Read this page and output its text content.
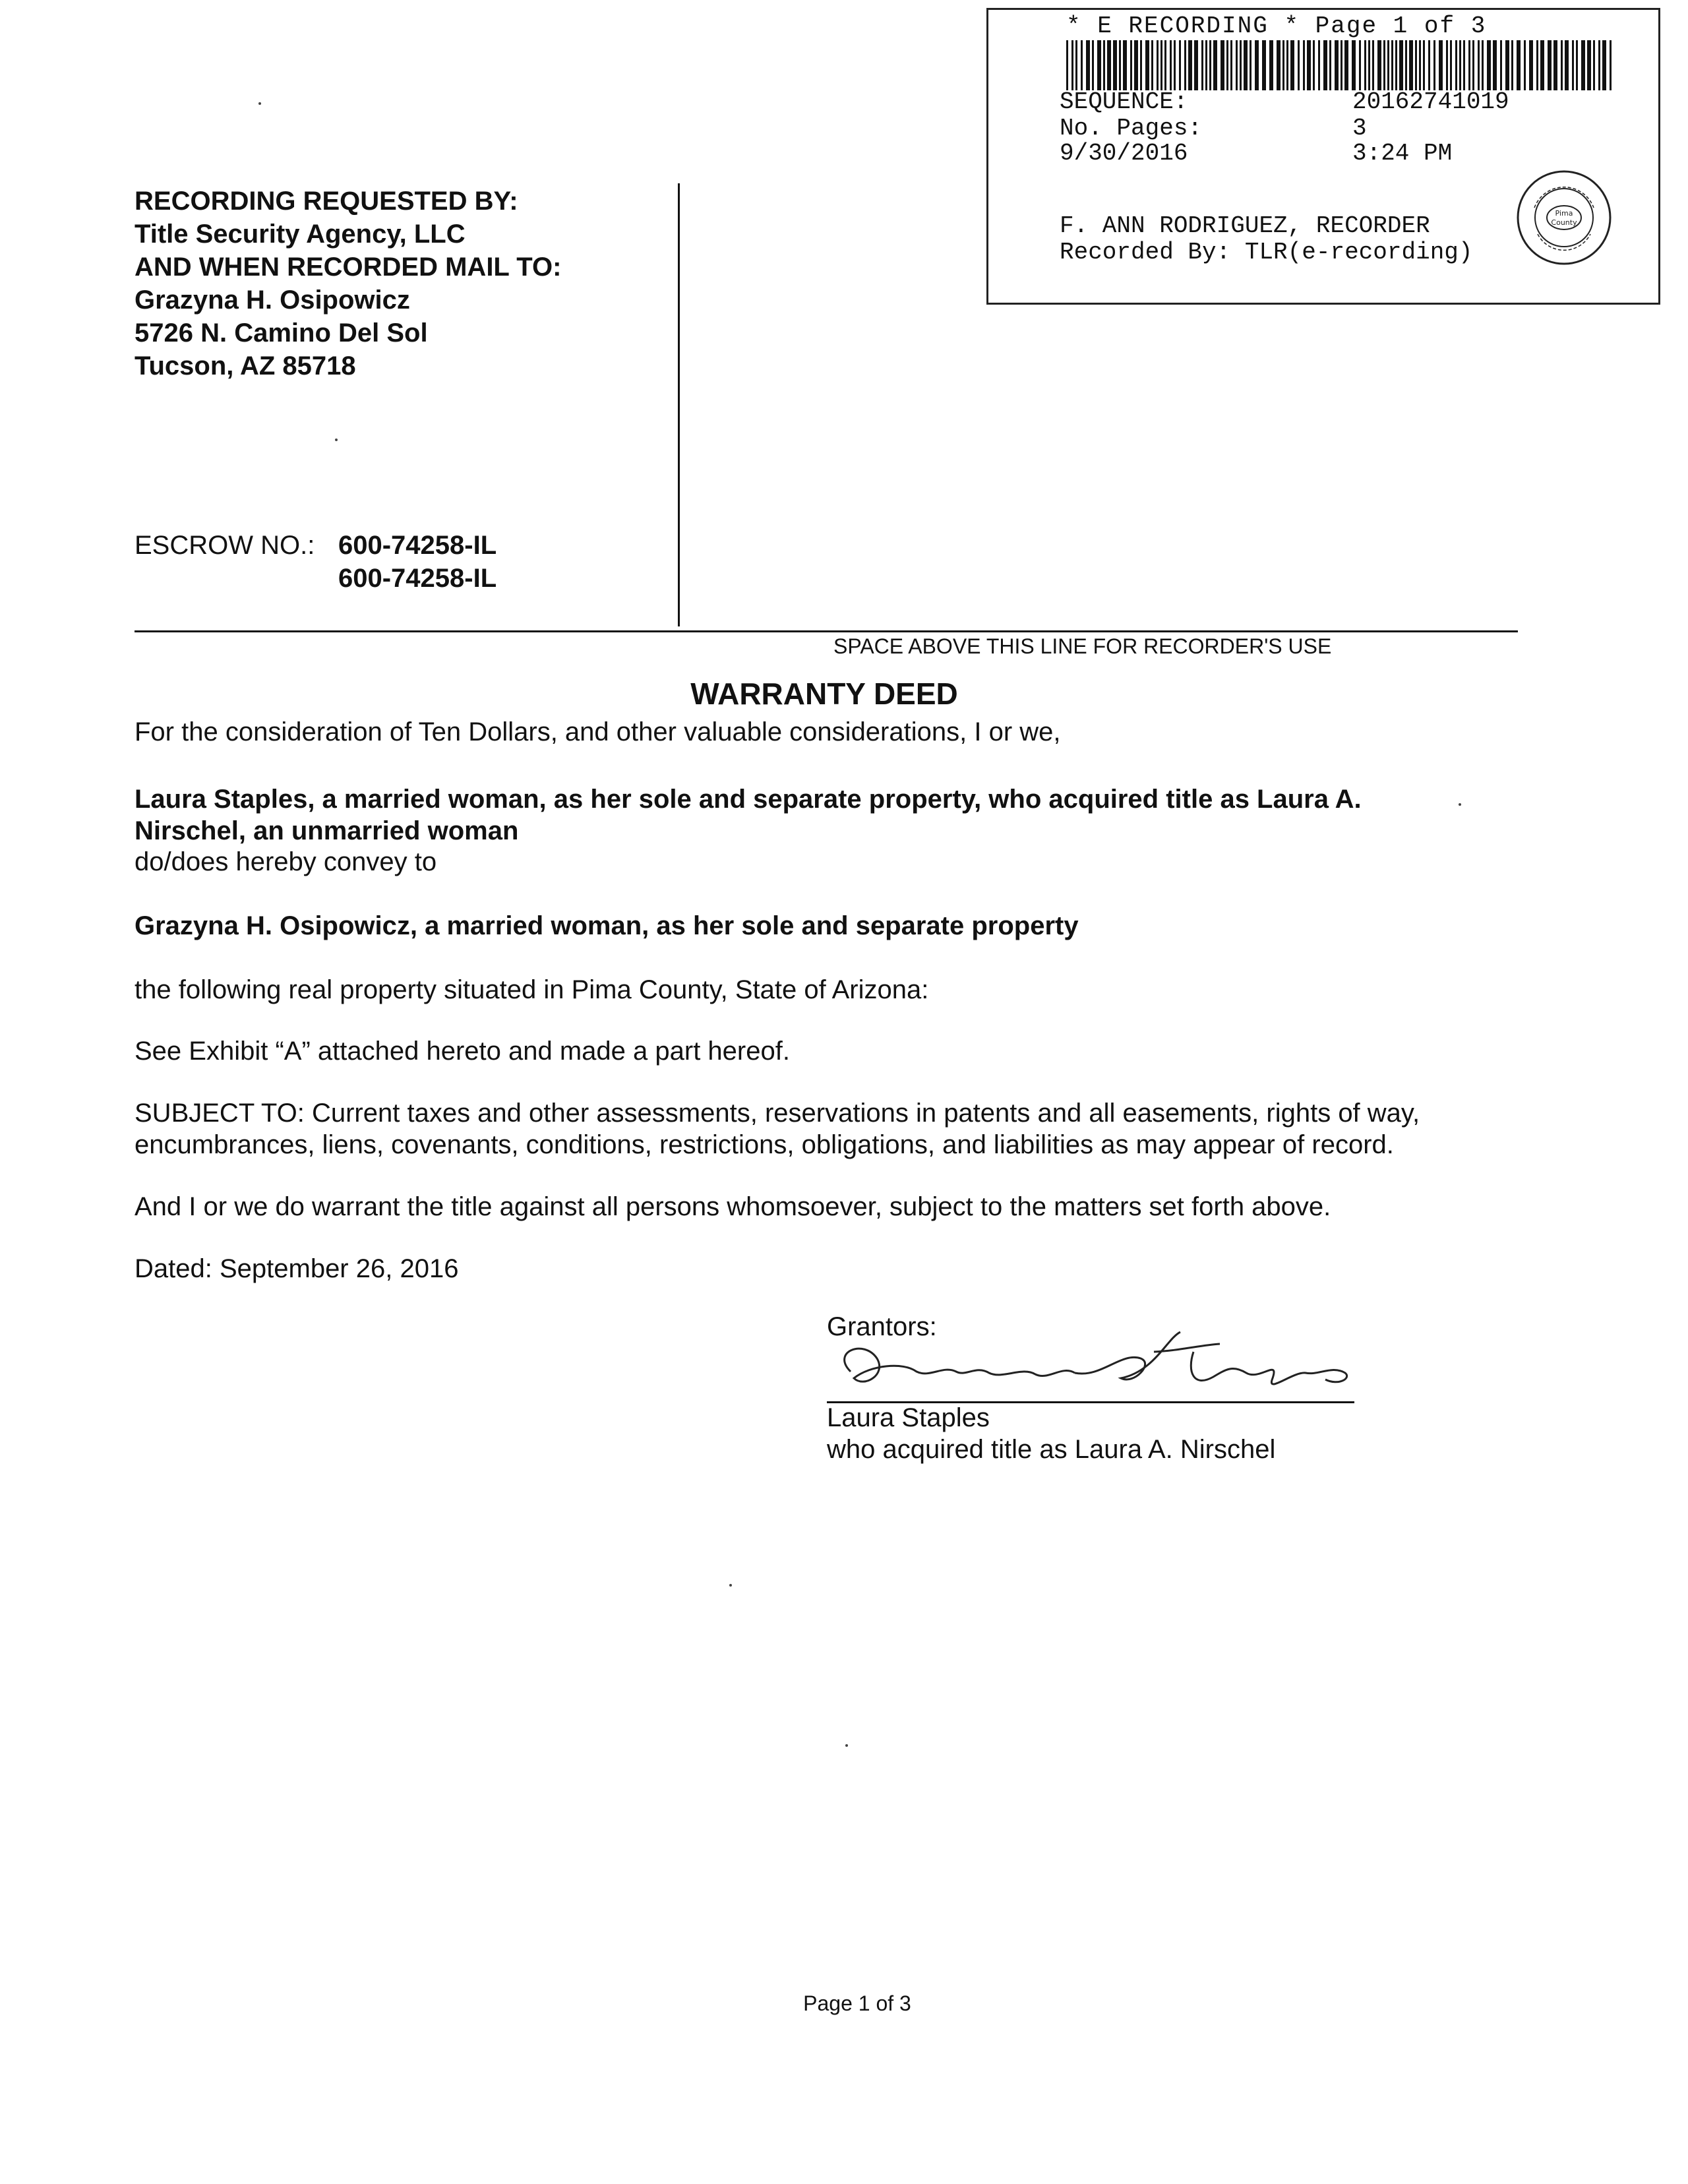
* E RECORDING * Page 1 of 3
SEQUENCE:	20162741019
No. Pages:	3
9/30/2016	3:24 PM
F. ANN RODRIGUEZ, RECORDER
Recorded By: TLR(e-recording)
Pima
County
RECORDING REQUESTED BY:
Title Security Agency, LLC
AND WHEN RECORDED MAIL TO:
Grazyna H. Osipowicz
5726 N. Camino Del Sol
Tucson, AZ 85718
ESCROW NO.: 600-74258-IL
600-74258-IL
SPACE ABOVE THIS LINE FOR RECORDER'S USE
WARRANTY DEED
For the consideration of Ten Dollars, and other valuable considerations, I or we,
Laura Staples, a married woman, as her sole and separate property, who acquired title as Laura A.
Nirschel, an unmarried woman
do/does hereby convey to
Grazyna H. Osipowicz, a married woman, as her sole and separate property
the following real property situated in Pima County, State of Arizona:
See Exhibit “A” attached hereto and made a part hereof.
SUBJECT TO: Current taxes and other assessments, reservations in patents and all easements, rights of way,
encumbrances, liens, covenants, conditions, restrictions, obligations, and liabilities as may appear of record.
And I or we do warrant the title against all persons whomsoever, subject to the matters set forth above.
Dated: September 26, 2016
Grantors:
Laura Staples
who acquired title as Laura A. Nirschel
Page 1 of 3
